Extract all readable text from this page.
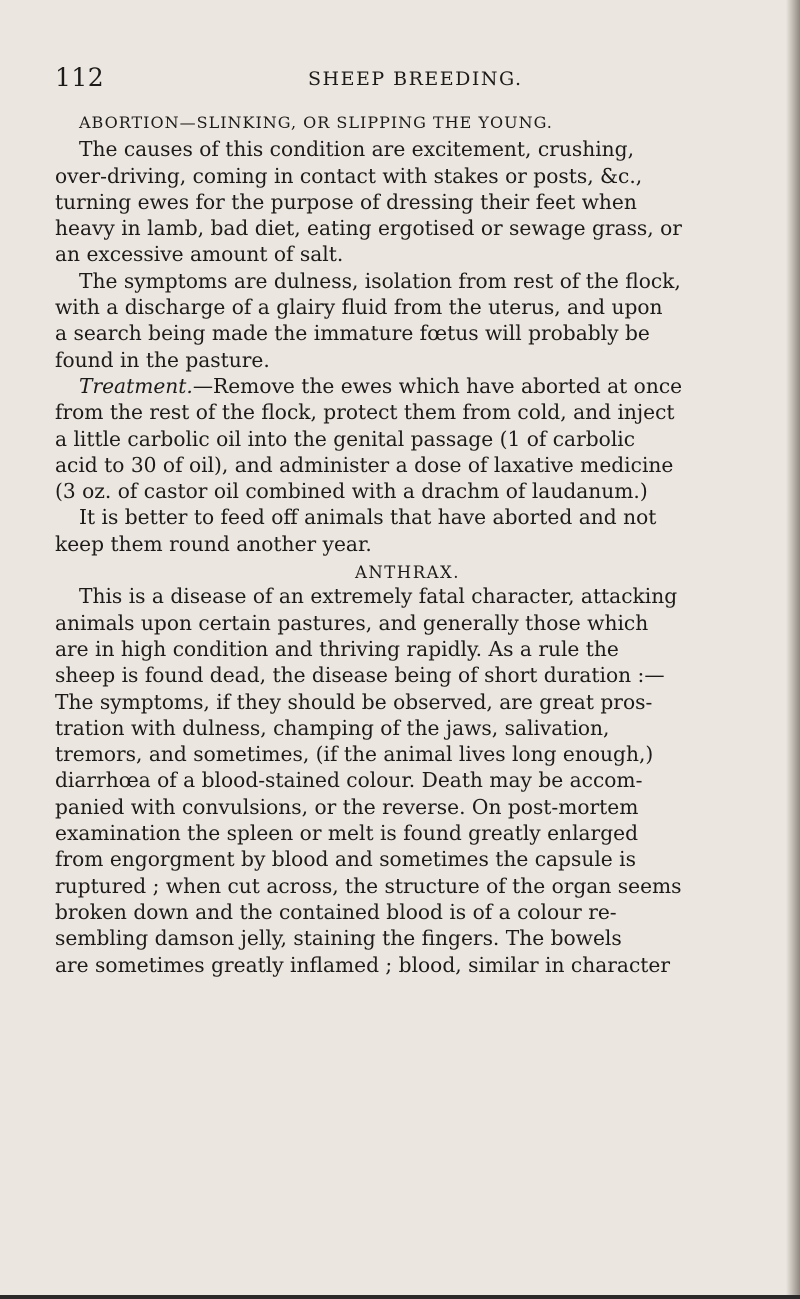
112	SHEEP BREEDING.
ABORTION—SLINKING, OR SLIPPING THE YOUNG.
The causes of this condition are excitement, crushing,
over-driving, coming in contact with stakes or posts, &c.,
turning ewes for the purpose of dressing their feet when
heavy in lamb, bad diet, eating ergotised or sewage grass, or
an excessive amount of salt.
The symptoms are dulness, isolation from rest of the flock,
with a discharge of a glairy fluid from the uterus, and upon
a search being made the immature fœtus will probably be
found in the pasture.
Treatment.—Remove the ewes which have aborted at once
from the rest of the flock, protect them from cold, and inject
a little carbolic oil into the genital passage (1 of carbolic
acid to 30 of oil), and administer a dose of laxative medicine
(3 oz. of castor oil combined with a drachm of laudanum.)
It is better to feed off animals that have aborted and not
keep them round another year.
ANTHRAX.
This is a disease of an extremely fatal character, attacking
animals upon certain pastures, and generally those which
are in high condition and thriving rapidly. As a rule the
sheep is found dead, the disease being of short duration :—
The symptoms, if they should be observed, are great pros-
tration with dulness, champing of the jaws, salivation,
tremors, and sometimes, (if the animal lives long enough,)
diarrhœa of a blood-stained colour. Death may be accom-
panied with convulsions, or the reverse. On post-mortem
examination the spleen or melt is found greatly enlarged
from engorgment by blood and sometimes the capsule is
ruptured ; when cut across, the structure of the organ seems
broken down and the contained blood is of a colour re-
sembling damson jelly, staining the fingers. The bowels
are sometimes greatly inflamed ; blood, similar in character
